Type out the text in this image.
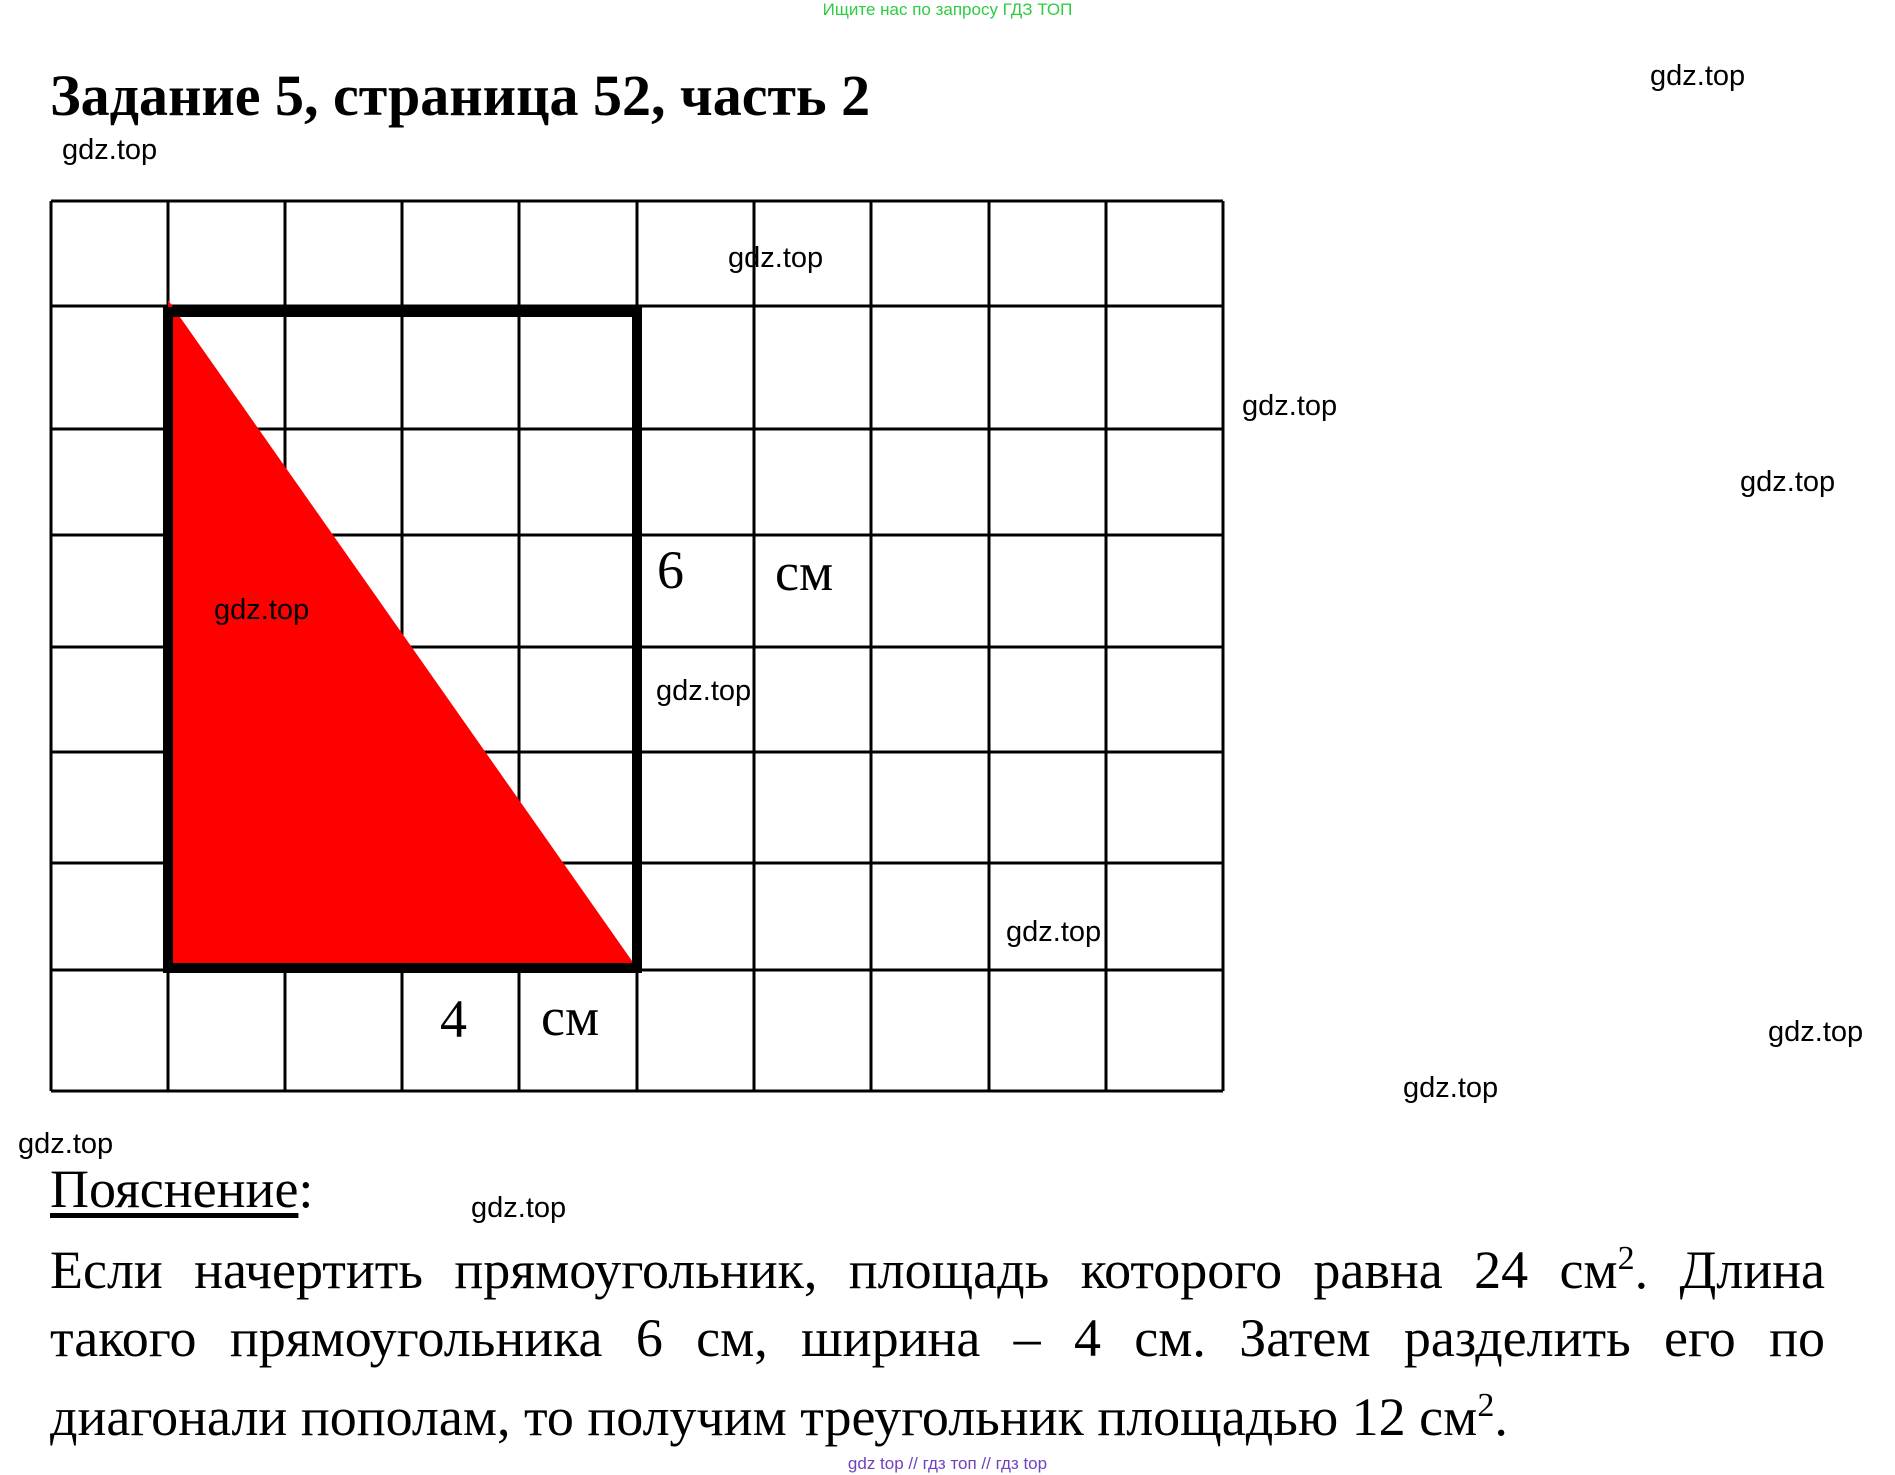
Ищите нас по запросу ГДЗ ТОП
Задание 5, страница 52, часть 2
6 см
4 см
gdz.top
gdz.top
gdz.top
gdz.top
gdz.top
gdz.top
gdz.top
gdz.top
gdz.top
gdz.top
gdz.top
gdz.top
Пояснение:

Если начертить прямоугольник, площадь которого равна 24 $см^2$. Длина такого прямоугольника 6 см, ширина – 4 см. Затем разделить его по диагонали пополам, то получим треугольник площадью 12 $см^2$.

gdz top // гдз топ // гдз top
